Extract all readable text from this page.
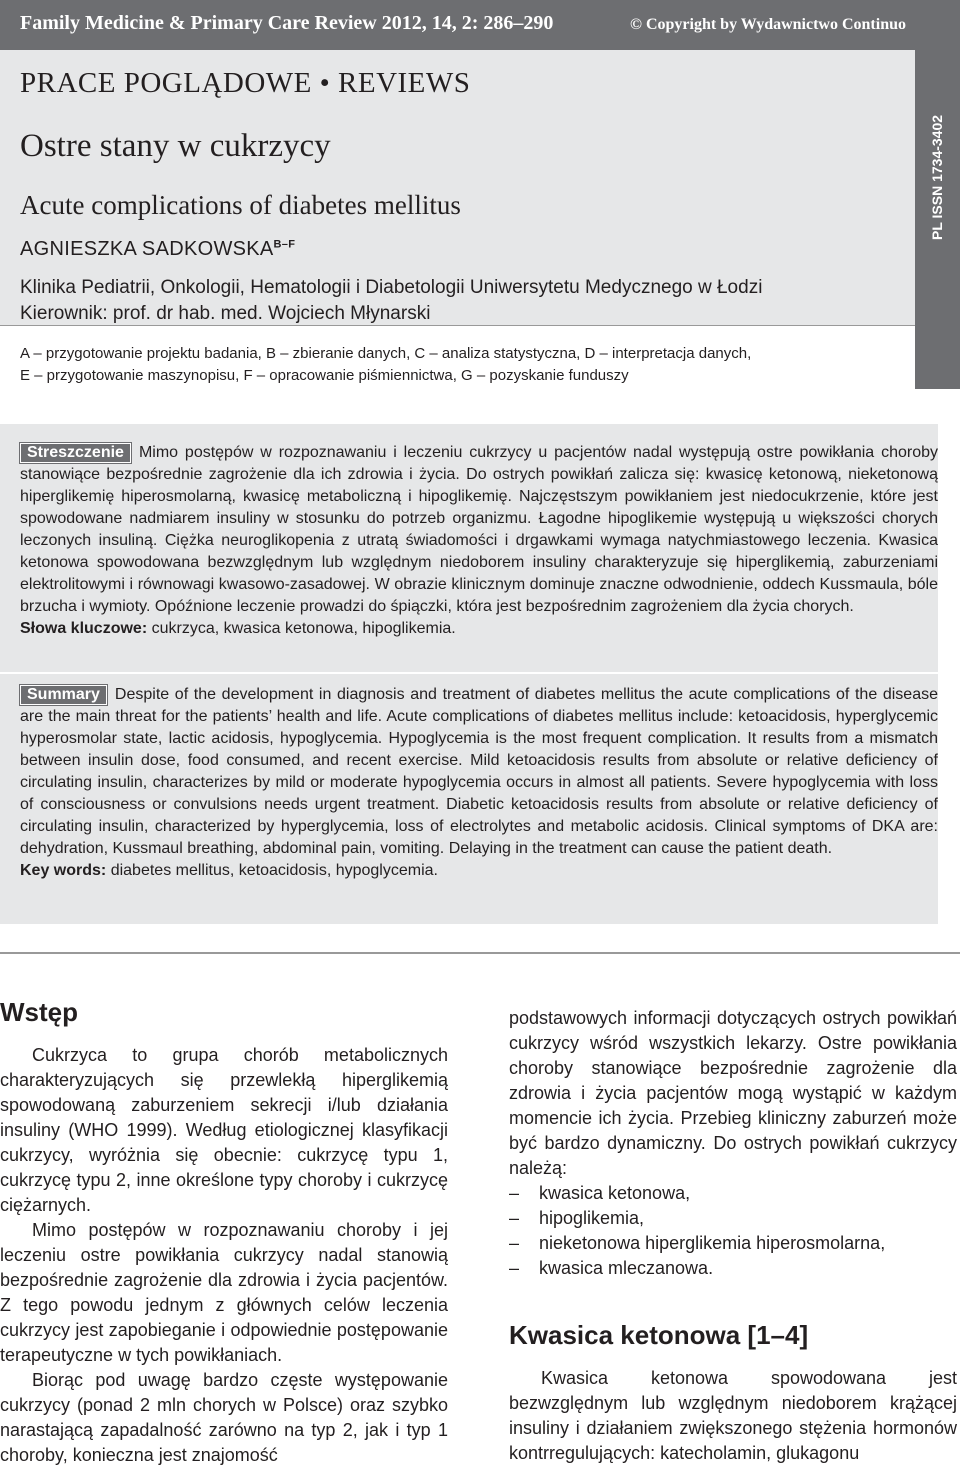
Family Medicine & Primary Care Review 2012, 14, 2: 286–290	© Copyright by Wydawnictwo Continuo
PRACE POGLĄDOWE • REVIEWS
Ostre stany w cukrzycy
Acute complications of diabetes mellitus
AGNIESZKA $SADKOWSKA^{B-F}$
Klinika Pediatrii, Onkologii, Hematologii i Diabetologii Uniwersytetu Medycznego w Łodzi
Kierownik: prof. dr hab. med. Wojciech Młynarski
PL ISSN 1734-3402
A – przygotowanie projektu badania, B – zbieranie danych, C – analiza statystyczna, D – interpretacja danych,
E – przygotowanie maszynopisu, F – opracowanie piśmiennictwa, G – pozyskanie funduszy
Streszczenie Mimo postępów w rozpoznawaniu i leczeniu cukrzycy u pacjentów nadal występują ostre powikłania choroby stanowiące bezpośrednie zagrożenie dla ich zdrowia i życia. Do ostrych powikłań zalicza się: kwasicę ketonową, nieketonową hiperglikemię hiperosmolarną, kwasicę metaboliczną i hipoglikemię. Najczęstszym powikłaniem jest niedocukrzenie, które jest spowodowane nadmiarem insuliny w stosunku do potrzeb organizmu. Łagodne hipoglikemie występują u większości chorych leczonych insuliną. Ciężka neuroglikopenia z utratą świadomości i drgawkami wymaga natychmiastowego leczenia. Kwasica ketonowa spowodowana bezwzględnym lub względnym niedoborem insuliny charakteryzuje się hiperglikemią, zaburzeniami elektrolitowymi i równowagi kwasowo-zasadowej. W obrazie klinicznym dominuje znaczne odwodnienie, oddech Kussmaula, bóle brzucha i wymioty. Opóźnione leczenie prowadzi do śpiączki, która jest bezpośrednim zagrożeniem dla życia chorych.
Słowa kluczowe: cukrzyca, kwasica ketonowa, hipoglikemia.
Summary Despite of the development in diagnosis and treatment of diabetes mellitus the acute complications of the disease are the main threat for the patients’ health and life. Acute complications of diabetes mellitus include: ketoacidosis, hyperglycemic hyperosmolar state, lactic acidosis, hypoglycemia. Hypoglycemia is the most frequent complication. It results from a mismatch between insulin dose, food consumed, and recent exercise. Mild ketoacidosis results from absolute or relative deficiency of circulating insulin, characterizes by mild or moderate hypoglycemia occurs in almost all patients. Severe hypoglycemia with loss of consciousness or convulsions needs urgent treatment. Diabetic ketoacidosis results from absolute or relative deficiency of circulating insulin, characterized by hyperglycemia, loss of electrolytes and metabolic acidosis. Clinical symptoms of DKA are: dehydration, Kussmaul breathing, abdominal pain, vomiting. Delaying in the treatment can cause the patient death.
Key words: diabetes mellitus, ketoacidosis, hypoglycemia.
Wstęp

Cukrzyca to grupa chorób metabolicznych charakteryzujących się przewlekłą hiperglikemią spowodowaną zaburzeniem sekrecji i/lub działania insuliny (WHO 1999). Według etiologicznej klasyfikacji cukrzycy, wyróżnia się obecnie: cukrzycę typu 1, cukrzycę typu 2, inne określone typy choroby i cukrzycę ciężarnych.

Mimo postępów w rozpoznawaniu choroby i jej leczeniu ostre powikłania cukrzycy nadal stanowią bezpośrednie zagrożenie dla zdrowia i życia pacjentów. Z tego powodu jednym z głównych celów leczenia cukrzycy jest zapobieganie i odpowiednie postępowanie terapeutyczne w tych powikłaniach.

Biorąc pod uwagę bardzo częste występowanie cukrzycy (ponad 2 mln chorych w Polsce) oraz szybko narastającą zapadalność zarówno na typ 2, jak i typ 1 choroby, konieczna jest znajomość

podstawowych informacji dotyczących ostrych powikłań cukrzycy wśród wszystkich lekarzy. Ostre powikłania choroby stanowiące bezpośrednie zagrożenie dla zdrowia i życia pacjentów mogą wystąpić w każdym momencie ich życia. Przebieg kliniczny zaburzeń może być bardzo dynamiczny. Do ostrych powikłań cukrzycy należą:

– kwasica ketonowa,
– hipoglikemia,
– nieketonowa hiperglikemia hiperosmolarna,
– kwasica mleczanowa.
Kwasica ketonowa [1–4]

Kwasica ketonowa spowodowana jest bezwzględnym lub względnym niedoborem krążącej insuliny i działaniem zwiększonego stężenia hormonów kontrregulujących: katecholamin, glukagonu
